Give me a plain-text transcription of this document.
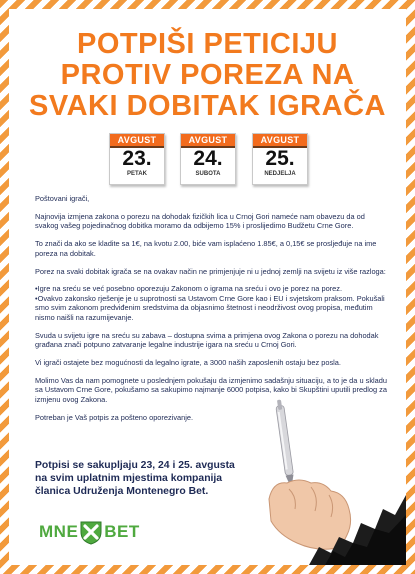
POTPIŠI PETICIJU
PROTIV POREZA NA
SVAKI DOBITAK IGRAČA
AVGUST
23.
PETAK
AVGUST
24.
SUBOTA
AVGUST
25.
NEDJELJA

Poštovani igrači,

Najnovija izmjena zakona o porezu na dohodak fizičkih lica u Crnoj Gori nameće nam obavezu da od svakog vašeg pojedinačnog dobitka moramo da odbijemo 15% i proslijedimo Budžetu Crne Gore.

To znači da ako se kladite sa 1€, na kvotu 2.00, biće vam isplaćeno 1.85€, a 0,15€ se prosljeđuje na ime poreza na dobitak.

Porez na svaki dobitak igrača se na ovakav način ne primjenjuje ni u jednoj zemlji na svijetu iz više razloga:

•Igre na sreću se već posebno oporezuju Zakonom o igrama na sreću i ovo je porez na porez.

•Ovakvo zakonsko rješenje je u suprotnosti sa Ustavom Crne Gore kao i EU i svjetskom praksom. Pokušali smo svim zakonom predviđenim sredstvima da objasnimo štetnost i neodrživost ovog propisa, međutim nismo naišli na razumijevanje.

Svuda u svijetu igre na sreću su zabava – dostupna svima a primjena ovog Zakona o porezu na dohodak građana znači potpuno zatvaranje legalne industrije igara na sreću u Crnoj Gori.

Vi igrači ostajete bez mogućnosti da legalno igrate, a 3000 naših zaposlenih ostaju bez posla.

Molimo Vas da nam pomognete u poslednjem pokušaju da izmjenimo sadašnju situaciju, a to je da u skladu sa Ustavom Crne Gore, pokušamo sa sakupimo najmanje 6000 potpisa, kako bi Skupštini uputili predlog za izmjenu ovog Zakona.

Potreban je Vaš potpis za pošteno oporezivanje.

Potpisi se sakupljaju 23, 24 i 25. avgusta
na svim uplatnim mjestima kompanija
članica Udruženja Montenegro Bet.
MNE BET
